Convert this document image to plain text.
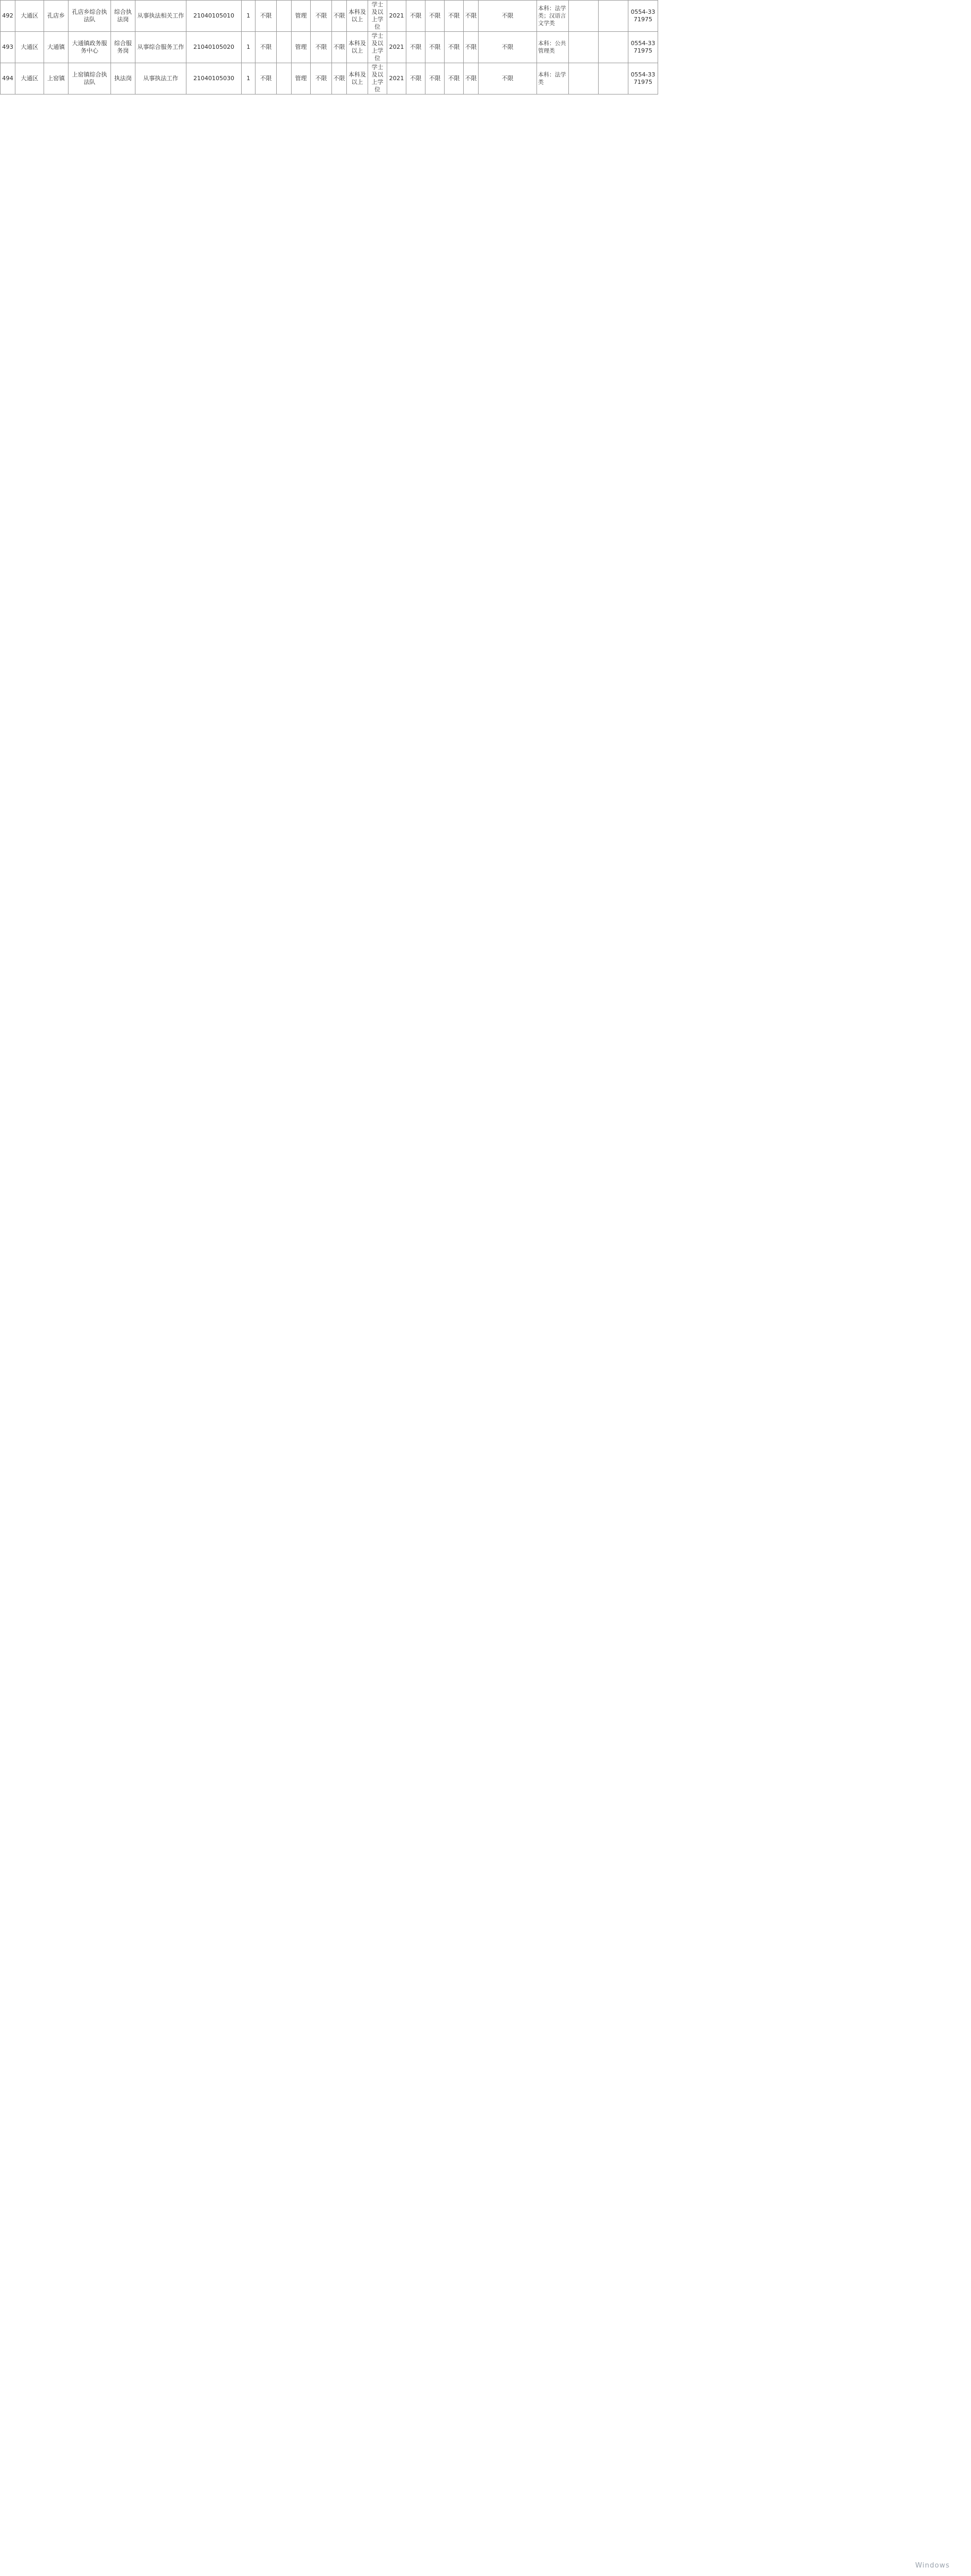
492	大通区	孔店乡	孔店乡综合执法队	综合执法岗	从事执法相关工作	21040105010	1	不限		管理	不限	不限	本科及以上	学士及以上学位	2021	不限	不限	不限	不限	不限	本科：法学类；汉语言文学类			0554-3371975
493	大通区	大通镇	大通镇政务服务中心	综合服务岗	从事综合服务工作	21040105020	1	不限		管理	不限	不限	本科及以上	学士及以上学位	2021	不限	不限	不限	不限	不限	本科：公共管理类			0554-3371975
494	大通区	上窑镇	上窑镇综合执法队	执法岗	从事执法工作	21040105030	1	不限		管理	不限	不限	本科及以上	学士及以上学位	2021	不限	不限	不限	不限	不限	本科：法学类			0554-3371975
Windows
